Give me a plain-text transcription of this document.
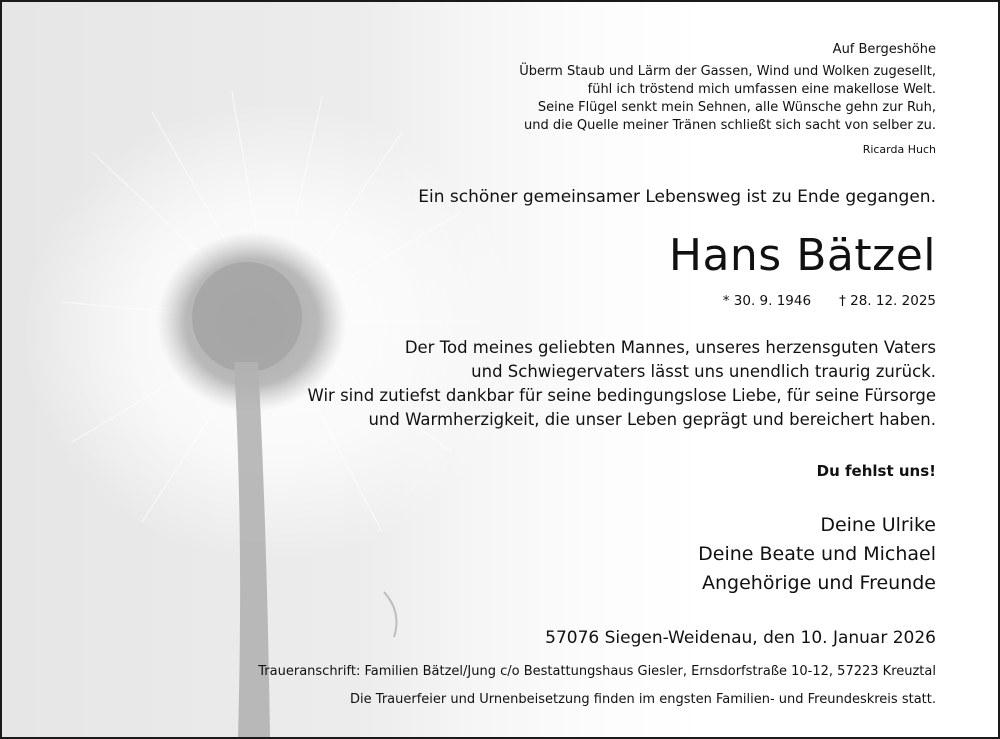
Auf Bergeshöhe
Überm Staub und Lärm der Gassen, Wind und Wolken zugesellt,
fühl ich tröstend mich umfassen eine makellose Welt.
Seine Flügel senkt mein Sehnen, alle Wünsche gehn zur Ruh,
und die Quelle meiner Tränen schließt sich sacht von selber zu.
Ricarda Huch
Ein schöner gemeinsamer Lebensweg ist zu Ende gegangen.
Hans Bätzel
* 30. 9. 1946 † 28. 12. 2025
Der Tod meines geliebten Mannes, unseres herzensguten Vaters
und Schwiegervaters lässt uns unendlich traurig zurück.
Wir sind zutiefst dankbar für seine bedingungslose Liebe, für seine Fürsorge
und Warmherzigkeit, die unser Leben geprägt und bereichert haben.
Du fehlst uns!
Deine Ulrike
Deine Beate und Michael
Angehörige und Freunde
57076 Siegen-Weidenau, den 10. Januar 2026
Traueranschrift: Familien Bätzel/Jung c/o Bestattungshaus Giesler, Ernsdorfstraße 10-12, 57223 Kreuztal
Die Trauerfeier und Urnenbeisetzung finden im engsten Familien- und Freundeskreis statt.
